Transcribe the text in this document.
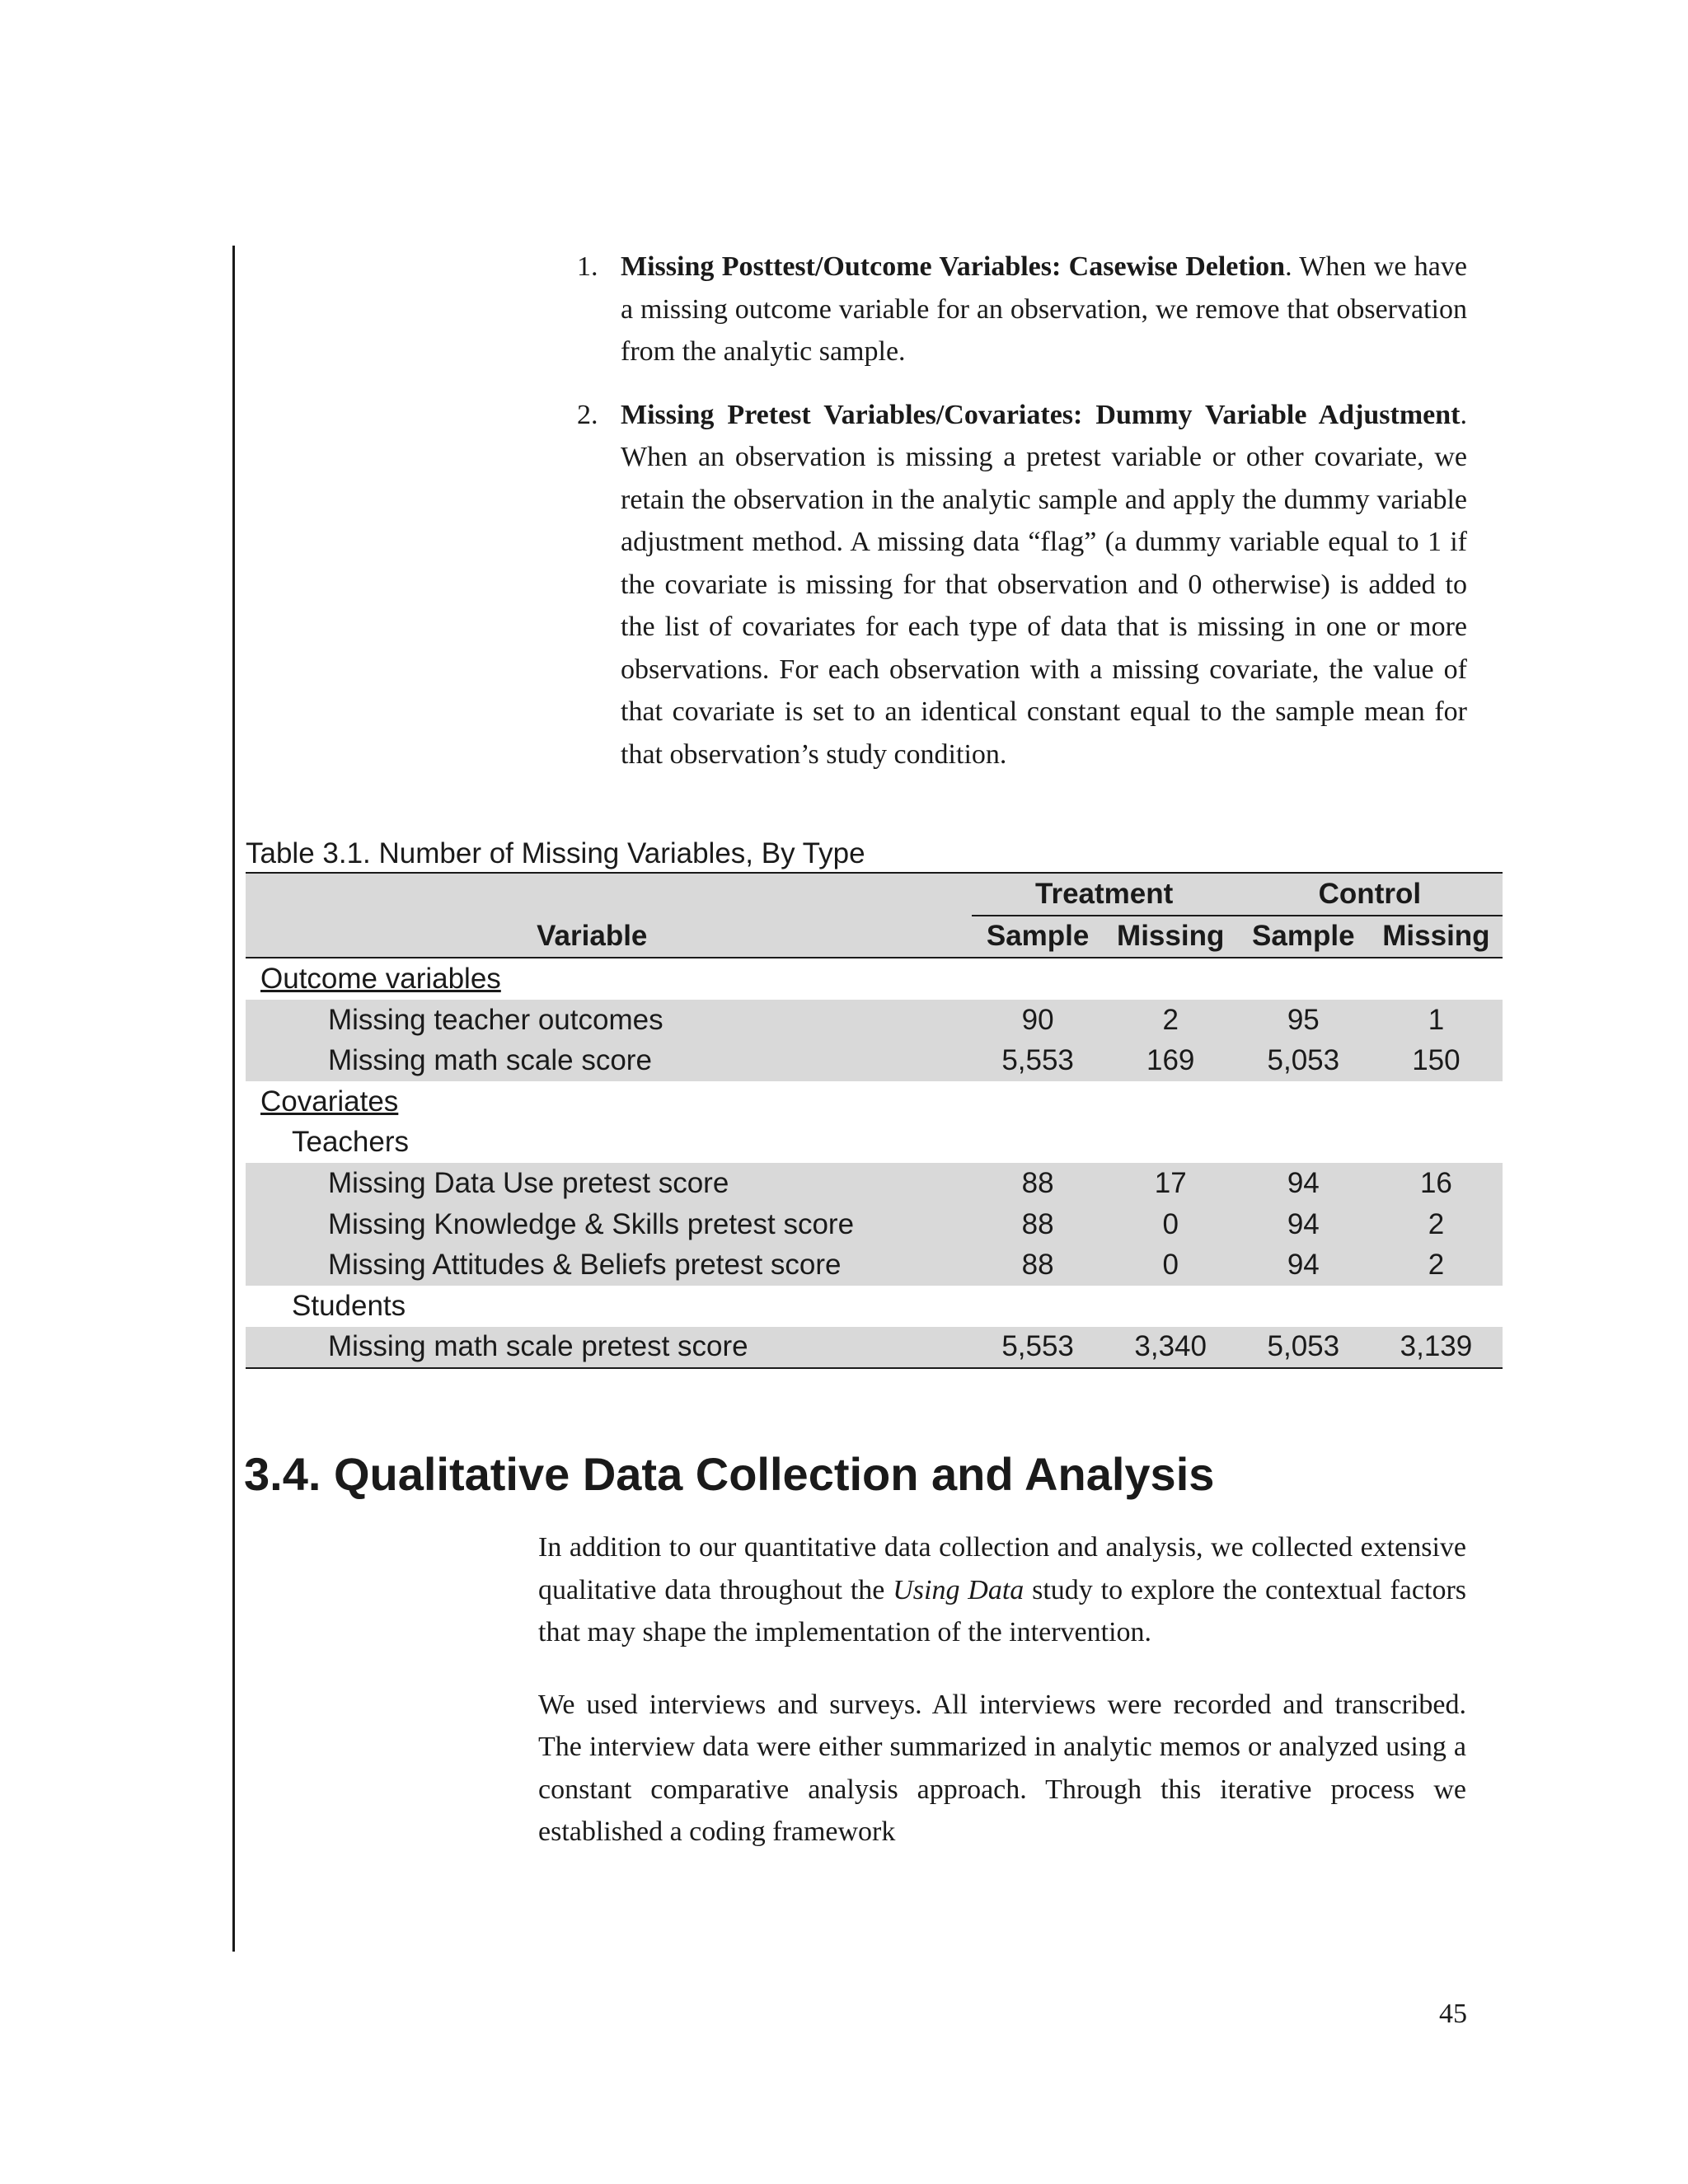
1. Missing Posttest/Outcome Variables: Casewise Deletion. When we have a missing outcome variable for an observation, we remove that observation from the analytic sample.
2. Missing Pretest Variables/Covariates: Dummy Variable Adjustment. When an observation is missing a pretest variable or other covariate, we retain the observation in the analytic sample and apply the dummy variable adjustment method. A missing data “flag” (a dummy variable equal to 1 if the covariate is missing for that observation and 0 otherwise) is added to the list of covariates for each type of data that is missing in one or more observations. For each observation with a missing covariate, the value of that covariate is set to an identical constant equal to the sample mean for that observation’s study condition.
Table 3.1. Number of Missing Variables, By Type
	Treatment		Control	
Variable	Sample	Missing	Sample	Missing
Outcome variables				
Missing teacher outcomes	90	2	95	1
Missing math scale score	5,553	169	5,053	150
Covariates				
Teachers				
Missing Data Use pretest score	88	17	94	16
Missing Knowledge & Skills pretest score	88	0	94	2
Missing Attitudes & Beliefs pretest score	88	0	94	2
Students				
Missing math scale pretest score	5,553	3,340	5,053	3,139
3.4. Qualitative Data Collection and Analysis

In addition to our quantitative data collection and analysis, we collected extensive qualitative data throughout the Using Data study to explore the contextual factors that may shape the implementation of the intervention.

We used interviews and surveys. All interviews were recorded and transcribed. The interview data were either summarized in analytic memos or analyzed using a constant comparative analysis approach. Through this iterative process we established a coding framework

45
